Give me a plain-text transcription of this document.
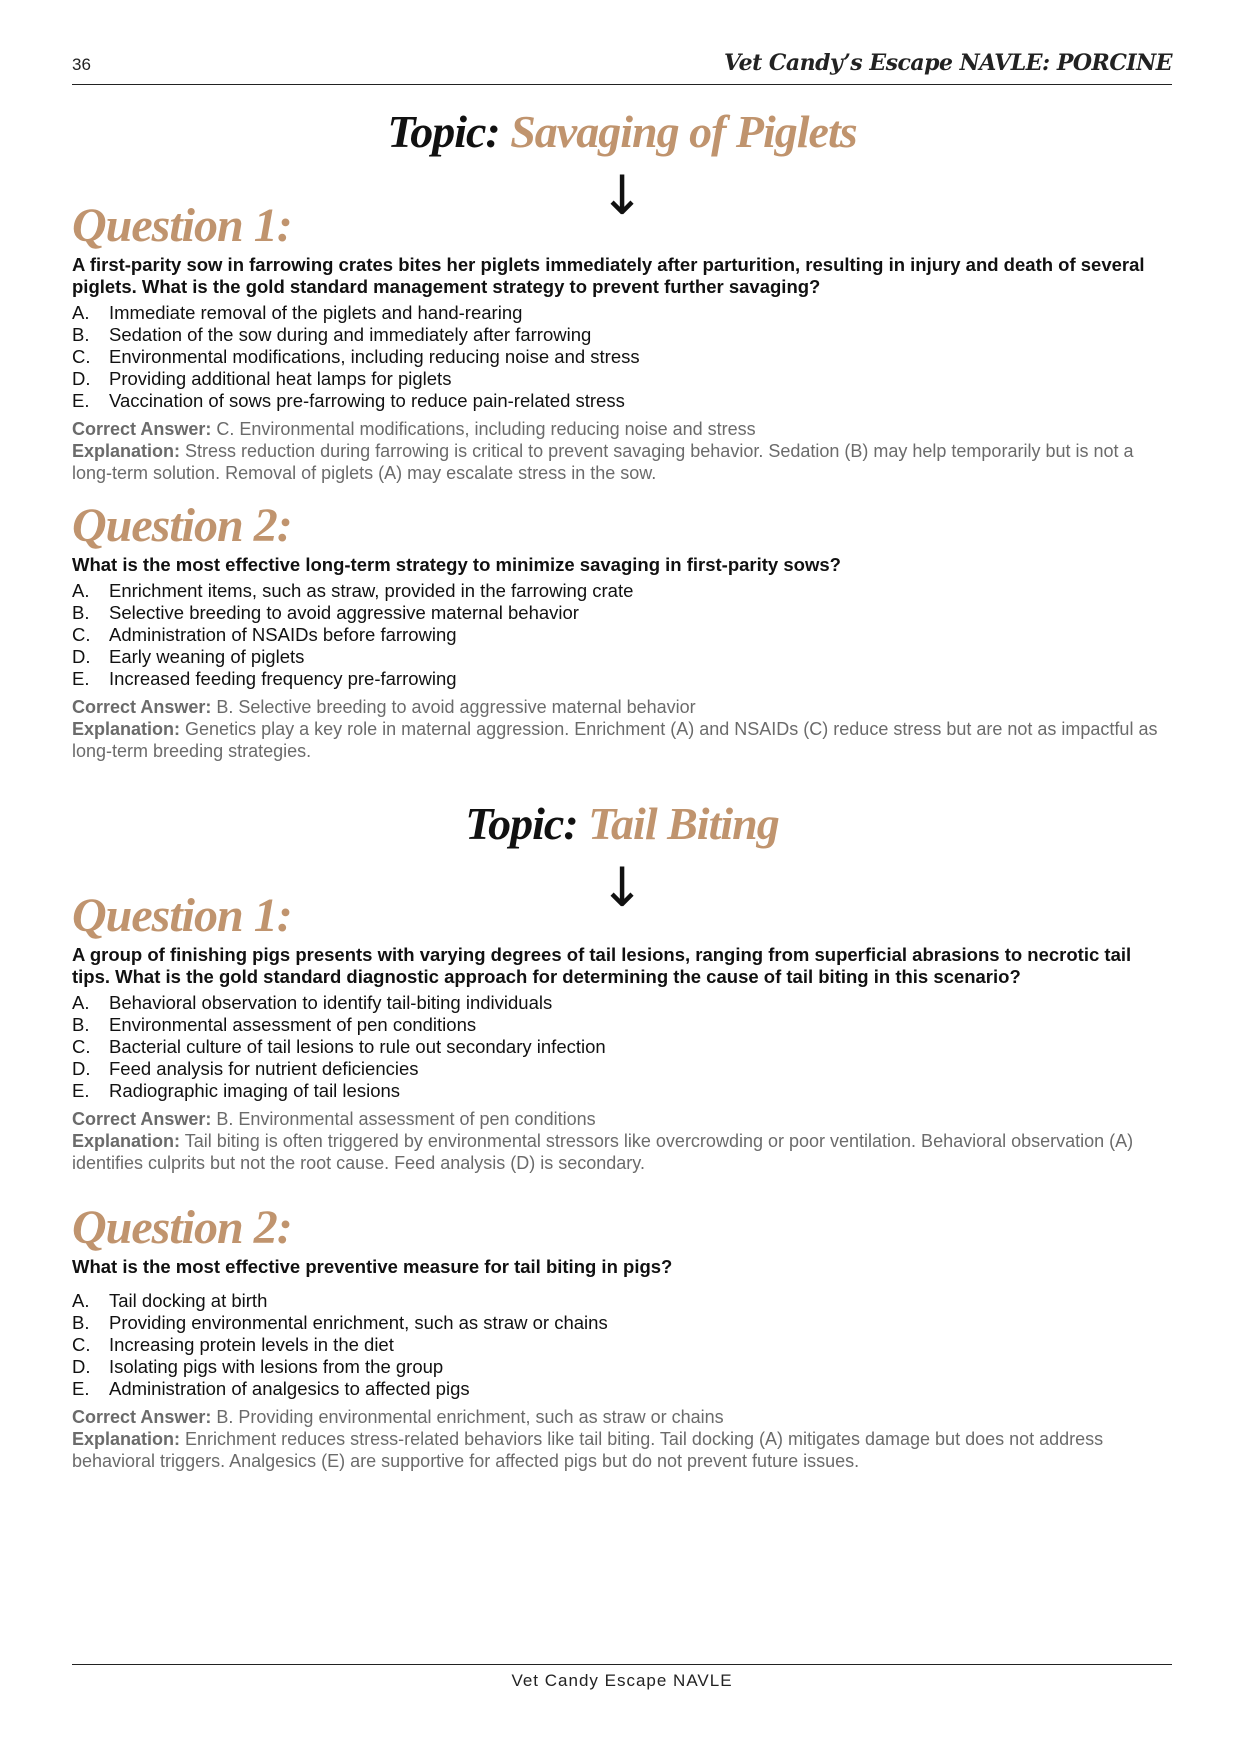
36	Vet Candy’s Escape NAVLE: PORCINE
Topic: Savaging of Piglets
↓
Question 1:

A first-parity sow in farrowing crates bites her piglets immediately after parturition, resulting in injury and death of several piglets. What is the gold standard management strategy to prevent further savaging?

A.	Immediate removal of the piglets and hand-rearing
B.	Sedation of the sow during and immediately after farrowing
C.	Environmental modifications, including reducing noise and stress
D.	Providing additional heat lamps for piglets
E.	Vaccination of sows pre-farrowing to reduce pain-related stress
Correct Answer: C. Environmental modifications, including reducing noise and stress
Explanation: Stress reduction during farrowing is critical to prevent savaging behavior. Sedation (B) may help temporarily but is not a long-term solution. Removal of piglets (A) may escalate stress in the sow.
Question 2:

What is the most effective long-term strategy to minimize savaging in first-parity sows?

A.	Enrichment items, such as straw, provided in the farrowing crate
B.	Selective breeding to avoid aggressive maternal behavior
C.	Administration of NSAIDs before farrowing
D.	Early weaning of piglets
E.	Increased feeding frequency pre-farrowing
Correct Answer: B. Selective breeding to avoid aggressive maternal behavior
Explanation: Genetics play a key role in maternal aggression. Enrichment (A) and NSAIDs (C) reduce stress but are not as impactful as long-term breeding strategies.
Topic: Tail Biting
↓
Question 1:

A group of finishing pigs presents with varying degrees of tail lesions, ranging from superficial abrasions to necrotic tail tips. What is the gold standard diagnostic approach for determining the cause of tail biting in this scenario?

A.	Behavioral observation to identify tail-biting individuals
B.	Environmental assessment of pen conditions
C.	Bacterial culture of tail lesions to rule out secondary infection
D.	Feed analysis for nutrient deficiencies
E.	Radiographic imaging of tail lesions
Correct Answer: B. Environmental assessment of pen conditions
Explanation: Tail biting is often triggered by environmental stressors like overcrowding or poor ventilation. Behavioral observation (A) identifies culprits but not the root cause. Feed analysis (D) is secondary.
Question 2:

What is the most effective preventive measure for tail biting in pigs?

A.	Tail docking at birth
B.	Providing environmental enrichment, such as straw or chains
C.	Increasing protein levels in the diet
D.	Isolating pigs with lesions from the group
E.	Administration of analgesics to affected pigs
Correct Answer: B. Providing environmental enrichment, such as straw or chains
Explanation: Enrichment reduces stress-related behaviors like tail biting. Tail docking (A) mitigates damage but does not address behavioral triggers. Analgesics (E) are supportive for affected pigs but do not prevent future issues.
Vet Candy Escape NAVLE
